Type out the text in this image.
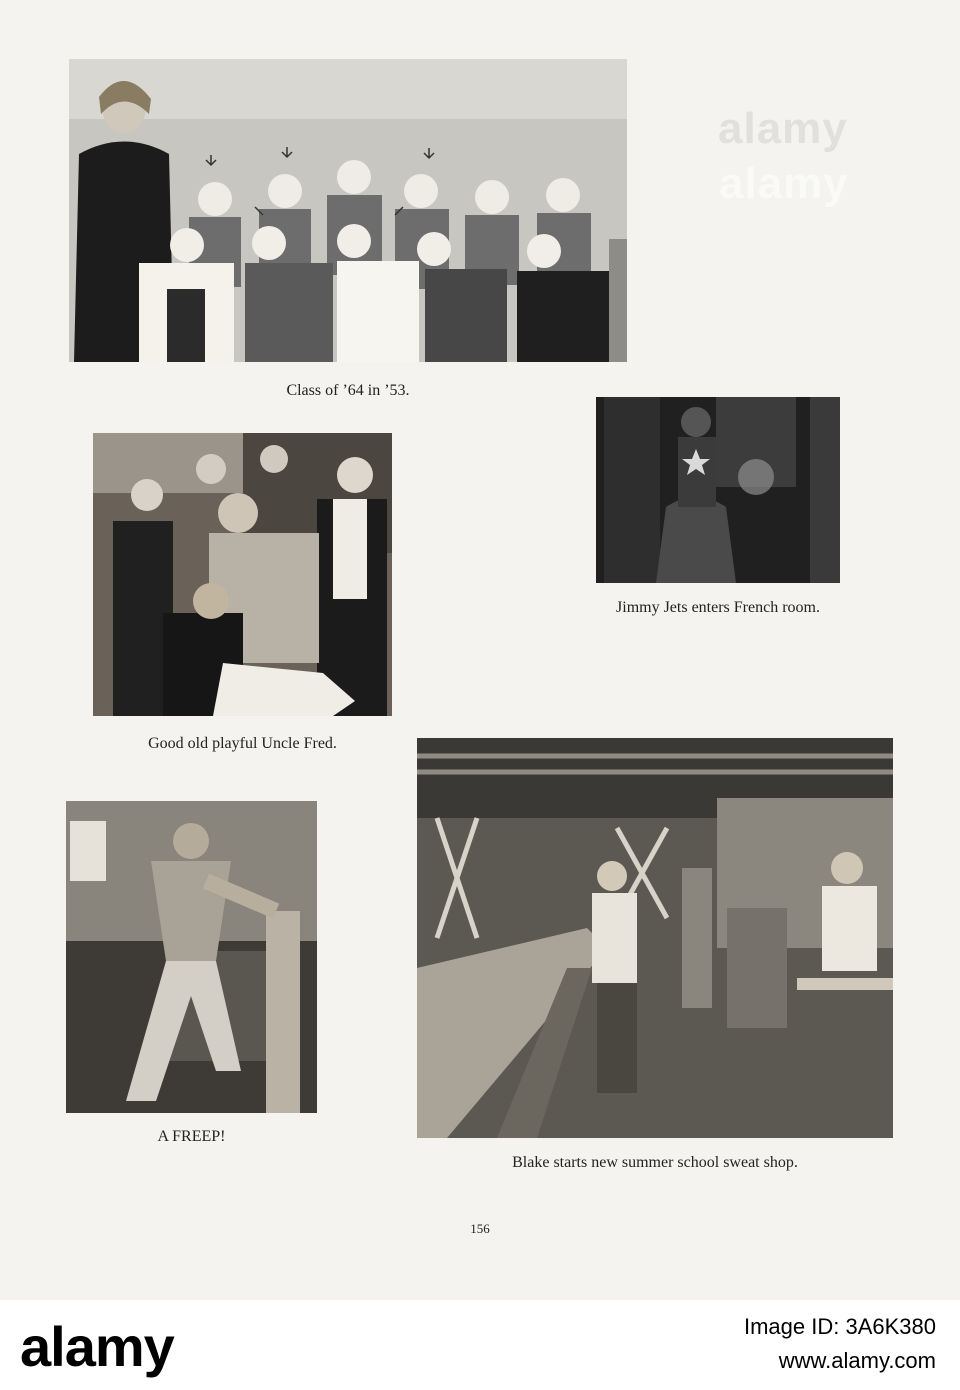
alamy
alamy
Class of ’64 in ’53.
Jimmy Jets enters French room.
Good old playful Uncle Fred.
A FREEP!
Blake starts new summer school sweat shop.
156
alamy	Image ID: 3A6K380
www.alamy.com
